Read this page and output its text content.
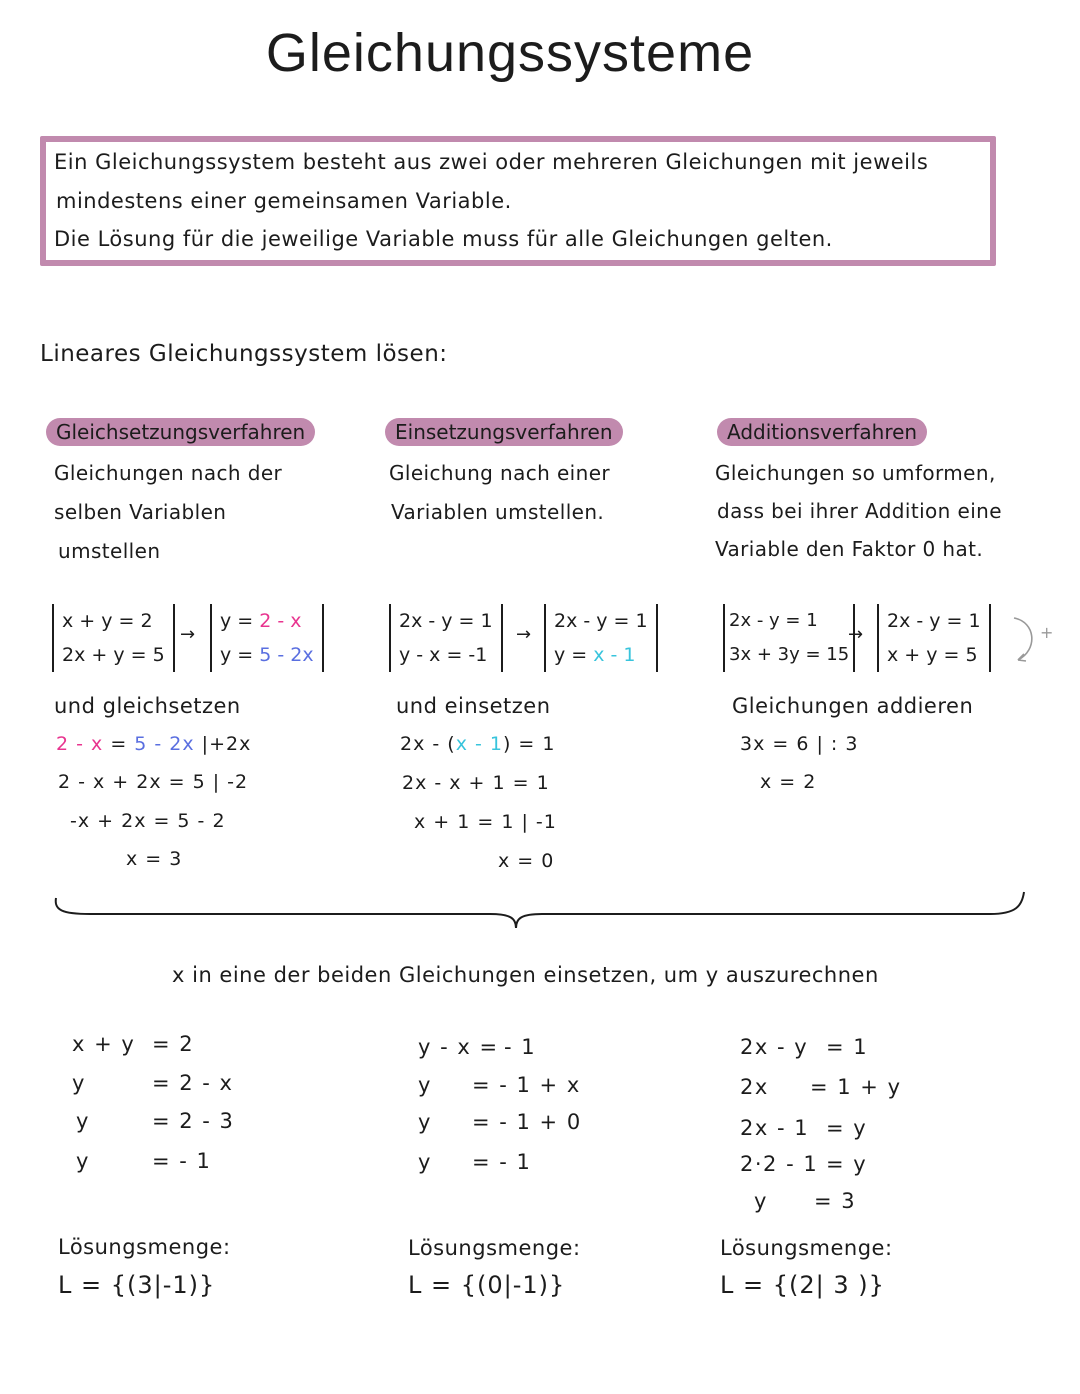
Gleichungssysteme
Ein Gleichungssystem besteht aus zwei oder mehreren Gleichungen mit jeweils
mindestens einer gemeinsamen Variable.
Die Lösung für die jeweilige Variable muss für alle Gleichungen gelten.
Lineares Gleichungssystem lösen:
Gleichsetzungsverfahren
Gleichungen nach der
selben Variablen
umstellen
x + y = 2
2x + y = 5
→
y = 2 - x
y = 5 - 2x
und gleichsetzen
2 - x = 5 - 2x |+2x
2 - x + 2x = 5 | -2
-x + 2x = 5 - 2
x = 3
Einsetzungsverfahren
Gleichung nach einer
Variablen umstellen.
2x - y = 1
y - x = -1
→
2x - y = 1
y = x - 1
und einsetzen
2x - (x - 1) = 1
2x - x + 1 = 1
x + 1 = 1 | -1
x = 0
Additionsverfahren
Gleichungen so umformen,
dass bei ihrer Addition eine
Variable den Faktor 0 hat.
2x - y = 1
3x + 3y = 15
→
2x - y = 1
x + y = 5
+
Gleichungen addieren
3x = 6 | : 3
x = 2
x in eine der beiden Gleichungen einsetzen, um y auszurechnen
x + y = 2
y	= 2 - x
y	= 2 - 3
y	= - 1
Lösungsmenge:
L = {(3|-1)}
y - x = - 1
y = - 1 + x
y = - 1 + 0
y = - 1
Lösungsmenge:
L = {(0|-1)}
2x - y = 1
2x = 1 + y
2x - 1 = y
2·2 - 1 = y
y = 3
Lösungsmenge:
L = {(2| 3 )}
